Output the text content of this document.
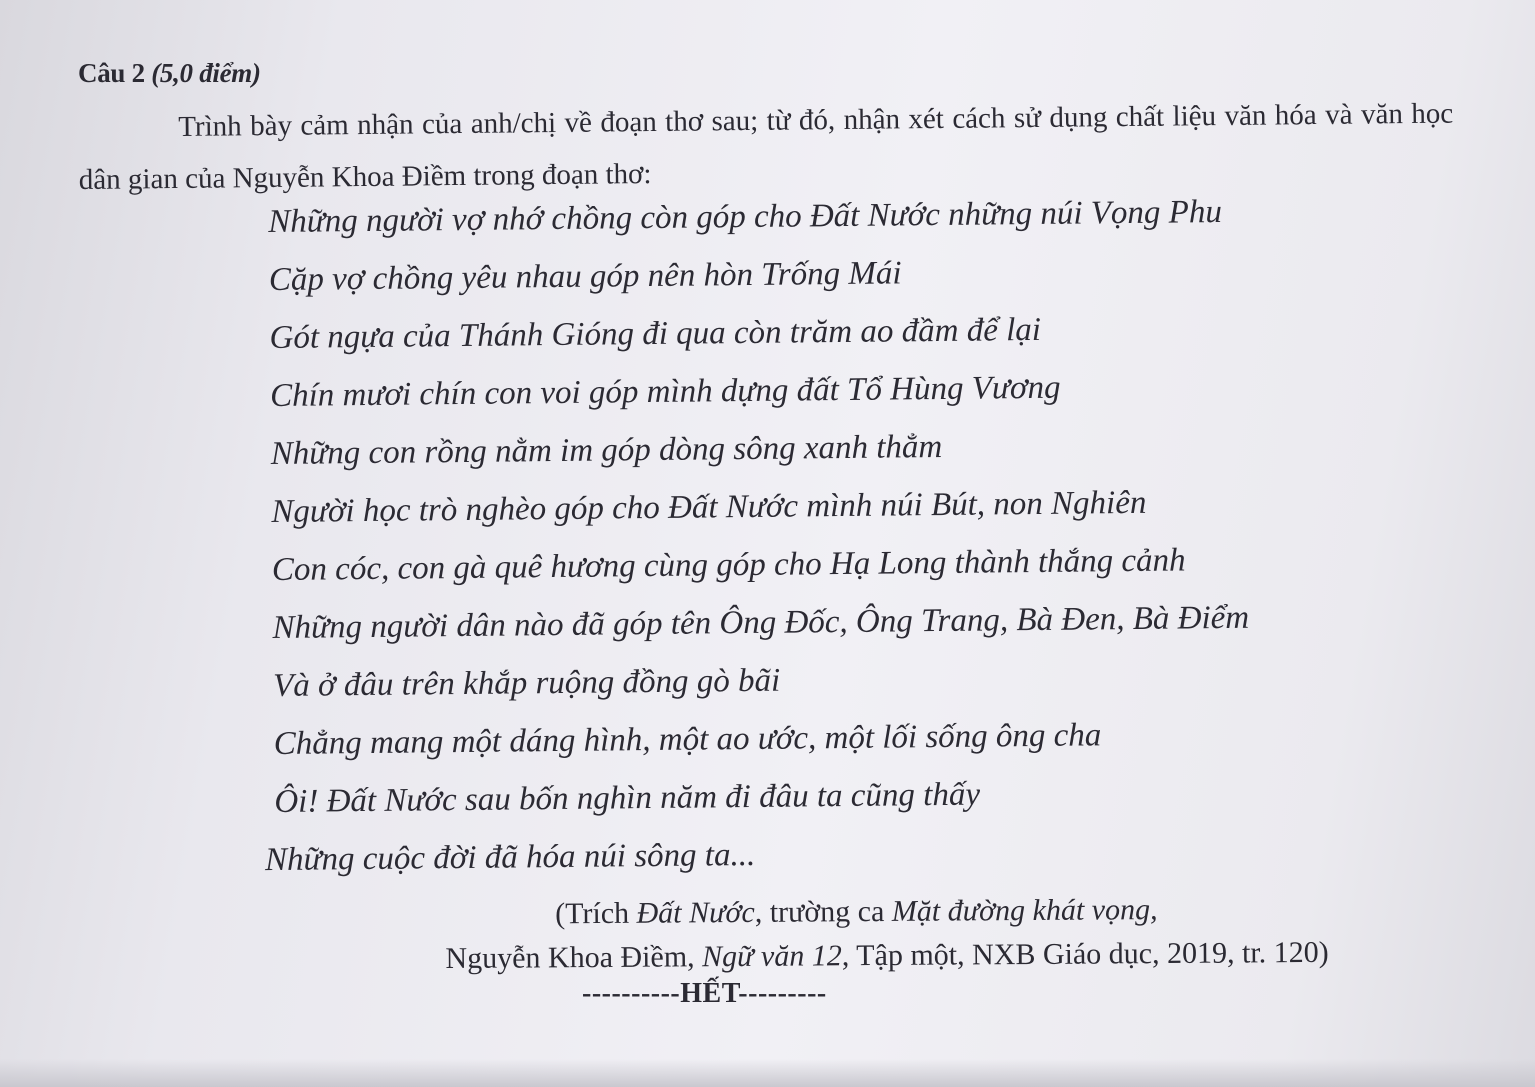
Câu 2 (5,0 điểm)
Trình bày cảm nhận của anh/chị về đoạn thơ sau; từ đó, nhận xét cách sử dụng chất liệu văn hóa và văn học dân gian của Nguyễn Khoa Điềm trong đoạn thơ:
Những người vợ nhớ chồng còn góp cho Đất Nước những núi Vọng Phu
Cặp vợ chồng yêu nhau góp nên hòn Trống Mái
Gót ngựa của Thánh Gióng đi qua còn trăm ao đầm để lại
Chín mươi chín con voi góp mình dựng đất Tổ Hùng Vương
Những con rồng nằm im góp dòng sông xanh thẳm
Người học trò nghèo góp cho Đất Nước mình núi Bút, non Nghiên
Con cóc, con gà quê hương cùng góp cho Hạ Long thành thắng cảnh
Những người dân nào đã góp tên Ông Đốc, Ông Trang, Bà Đen, Bà Điểm
Và ở đâu trên khắp ruộng đồng gò bãi
Chẳng mang một dáng hình, một ao ước, một lối sống ông cha
Ôi! Đất Nước sau bốn nghìn năm đi đâu ta cũng thấy
Những cuộc đời đã hóa núi sông ta...
(Trích Đất Nước, trường ca Mặt đường khát vọng,
Nguyễn Khoa Điềm, Ngữ văn 12, Tập một, NXB Giáo dục, 2019, tr. 120)
----------HẾT---------
